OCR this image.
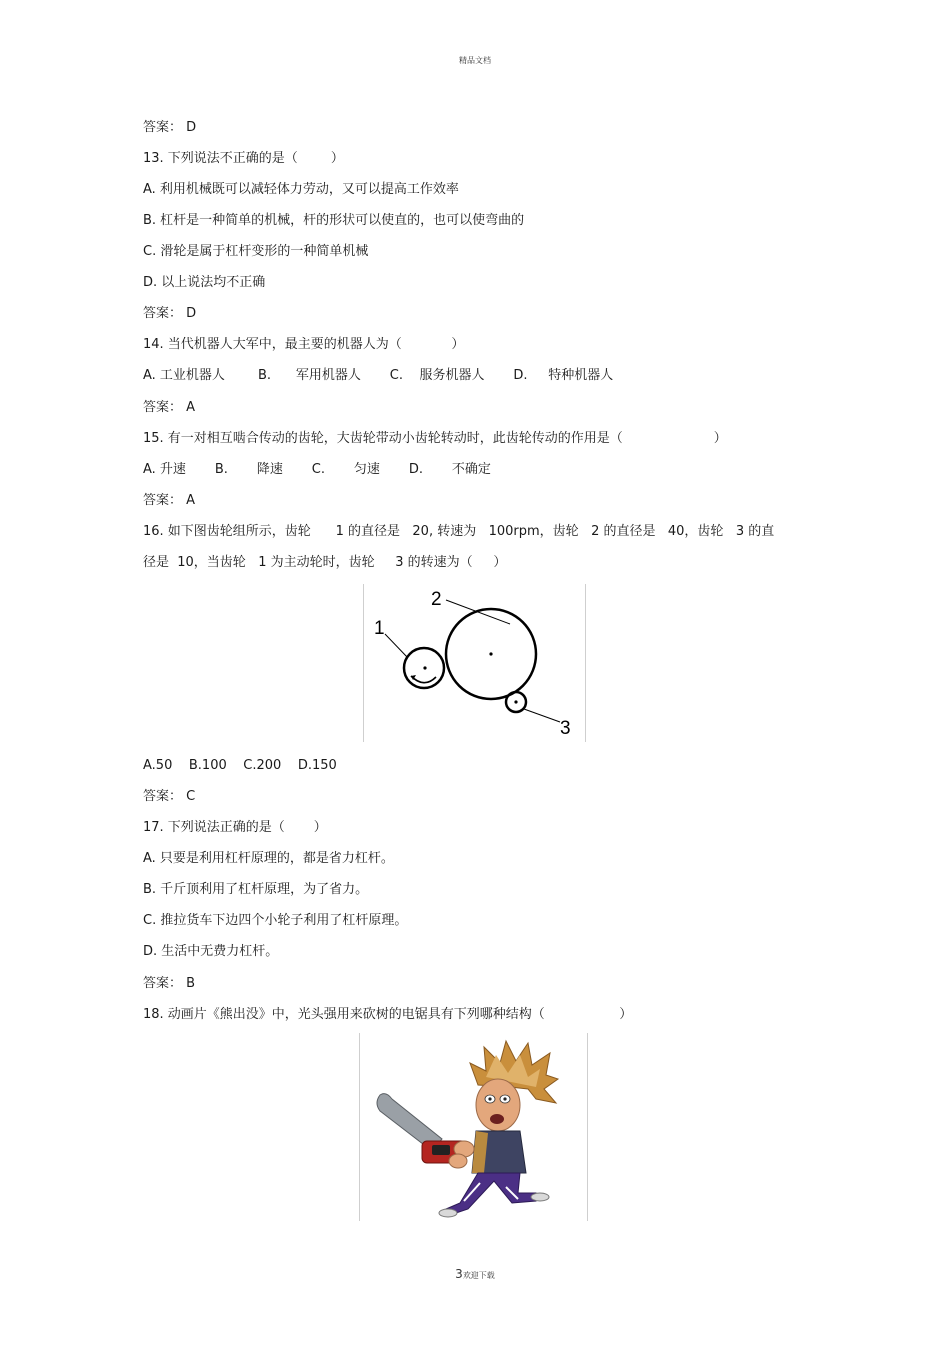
精品文档
答案： D
13. 下列说法不正确的是（        ）
A. 利用机械既可以减轻体力劳动，又可以提高工作效率
B. 杠杆是一种简单的机械，杆的形状可以使直的，也可以使弯曲的
C. 滑轮是属于杠杆变形的一种简单机械
D. 以上说法均不正确
答案： D
14. 当代机器人大军中，最主要的机器人为（            ）
A. 工业机器人        B.      军用机器人       C.    服务机器人       D.     特种机器人
答案： A
15. 有一对相互啮合传动的齿轮，大齿轮带动小齿轮转动时，此齿轮传动的作用是（                      ）
A. 升速       B.       降速       C.       匀速       D.       不确定
答案： A
16. 如下图齿轮组所示，齿轮      1 的直径是   20, 转速为   100rpm，齿轮   2 的直径是   40，齿轮   3 的直
径是  10，当齿轮   1 为主动轮时，齿轮     3 的转速为（     ）
1
2
3
A.50    B.100    C.200    D.150
答案： C
17. 下列说法正确的是（       ）
A. 只要是利用杠杆原理的，都是省力杠杆。
B. 千斤顶利用了杠杆原理，为了省力。
C. 推拉货车下边四个小轮子利用了杠杆原理。
D. 生活中无费力杠杆。
答案： B
18. 动画片《熊出没》中，光头强用来砍树的电锯具有下列哪种结构（                  ）
3欢迎下载
